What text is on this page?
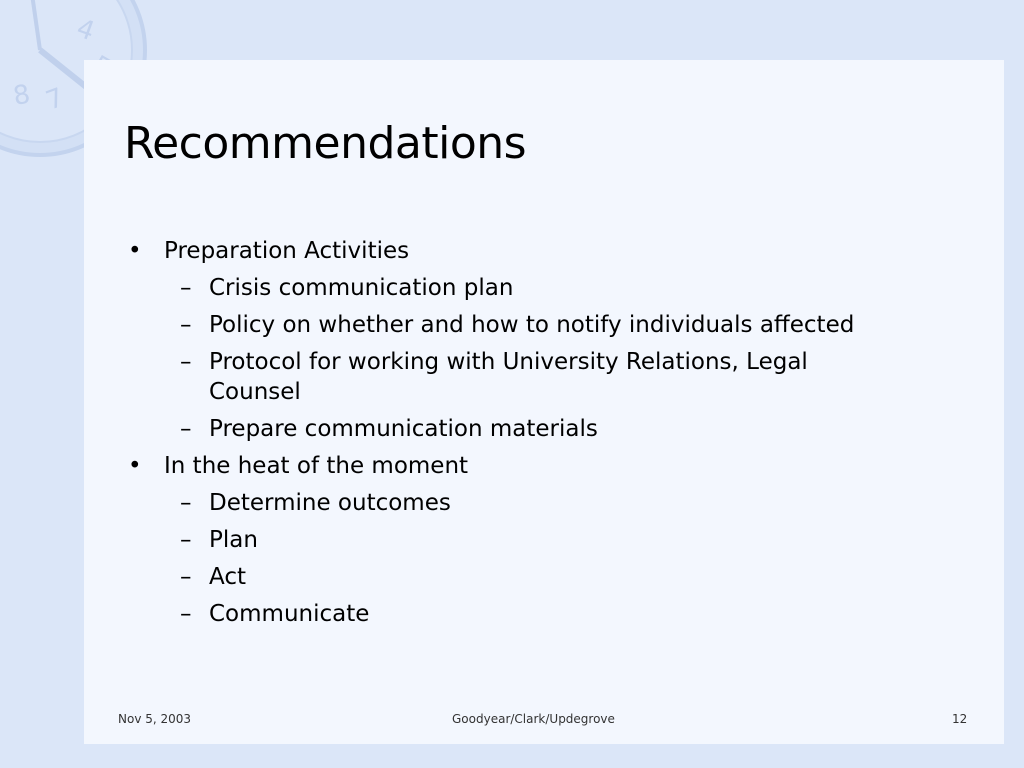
4
7
8
Recommendations
• Preparation Activities
– Crisis communication plan
– Policy on whether and how to notify individuals affected
– Protocol for working with University Relations, Legal
Counsel
– Prepare communication materials
• In the heat of the moment
– Determine outcomes
– Plan
– Act
– Communicate
Nov 5, 2003	Goodyear/Clark/Updegrove	12
